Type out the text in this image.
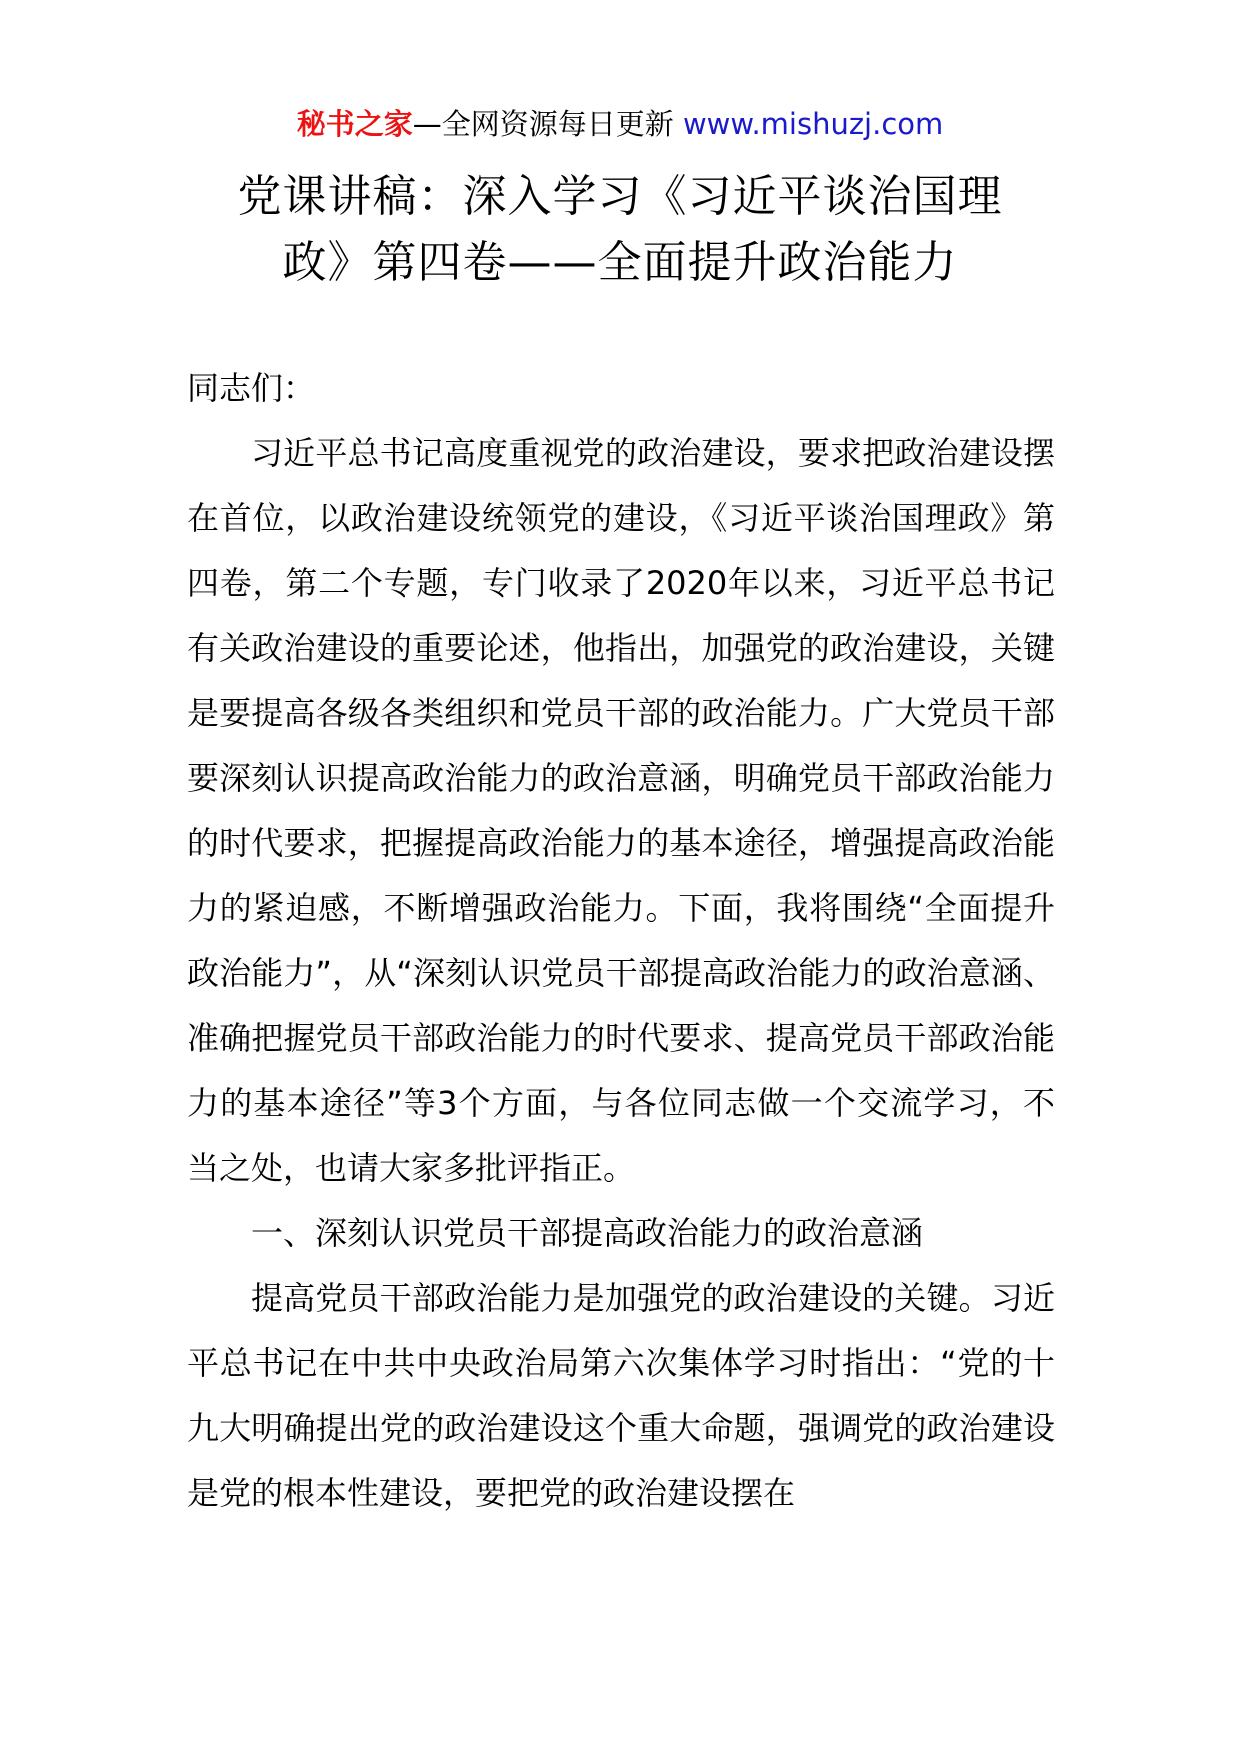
秘书之家—全网资源每日更新 www.mishuzj.com
党课讲稿：深入学习《习近平谈治国理
政》第四卷——全面提升政治能力

同志们：

习近平总书记高度重视党的政治建设，要求把政治建设摆在首位，以政治建设统领党的建设，《习近平谈治国理政》第四卷，第二个专题，专门收录了2020年以来，习近平总书记有关政治建设的重要论述，他指出，加强党的政治建设，关键是要提高各级各类组织和党员干部的政治能力。广大党员干部要深刻认识提高政治能力的政治意涵，明确党员干部政治能力的时代要求，把握提高政治能力的基本途径，增强提高政治能力的紧迫感，不断增强政治能力。下面，我将围绕“全面提升政治能力”，从“深刻认识党员干部提高政治能力的政治意涵、准确把握党员干部政治能力的时代要求、提高党员干部政治能力的基本途径”等3个方面，与各位同志做一个交流学习，不当之处，也请大家多批评指正。

一、深刻认识党员干部提高政治能力的政治意涵

提高党员干部政治能力是加强党的政治建设的关键。习近平总书记在中共中央政治局第六次集体学习时指出：“党的十九大明确提出党的政治建设这个重大命题，强调党的政治建设是党的根本性建设，要把党的政治建设摆在
